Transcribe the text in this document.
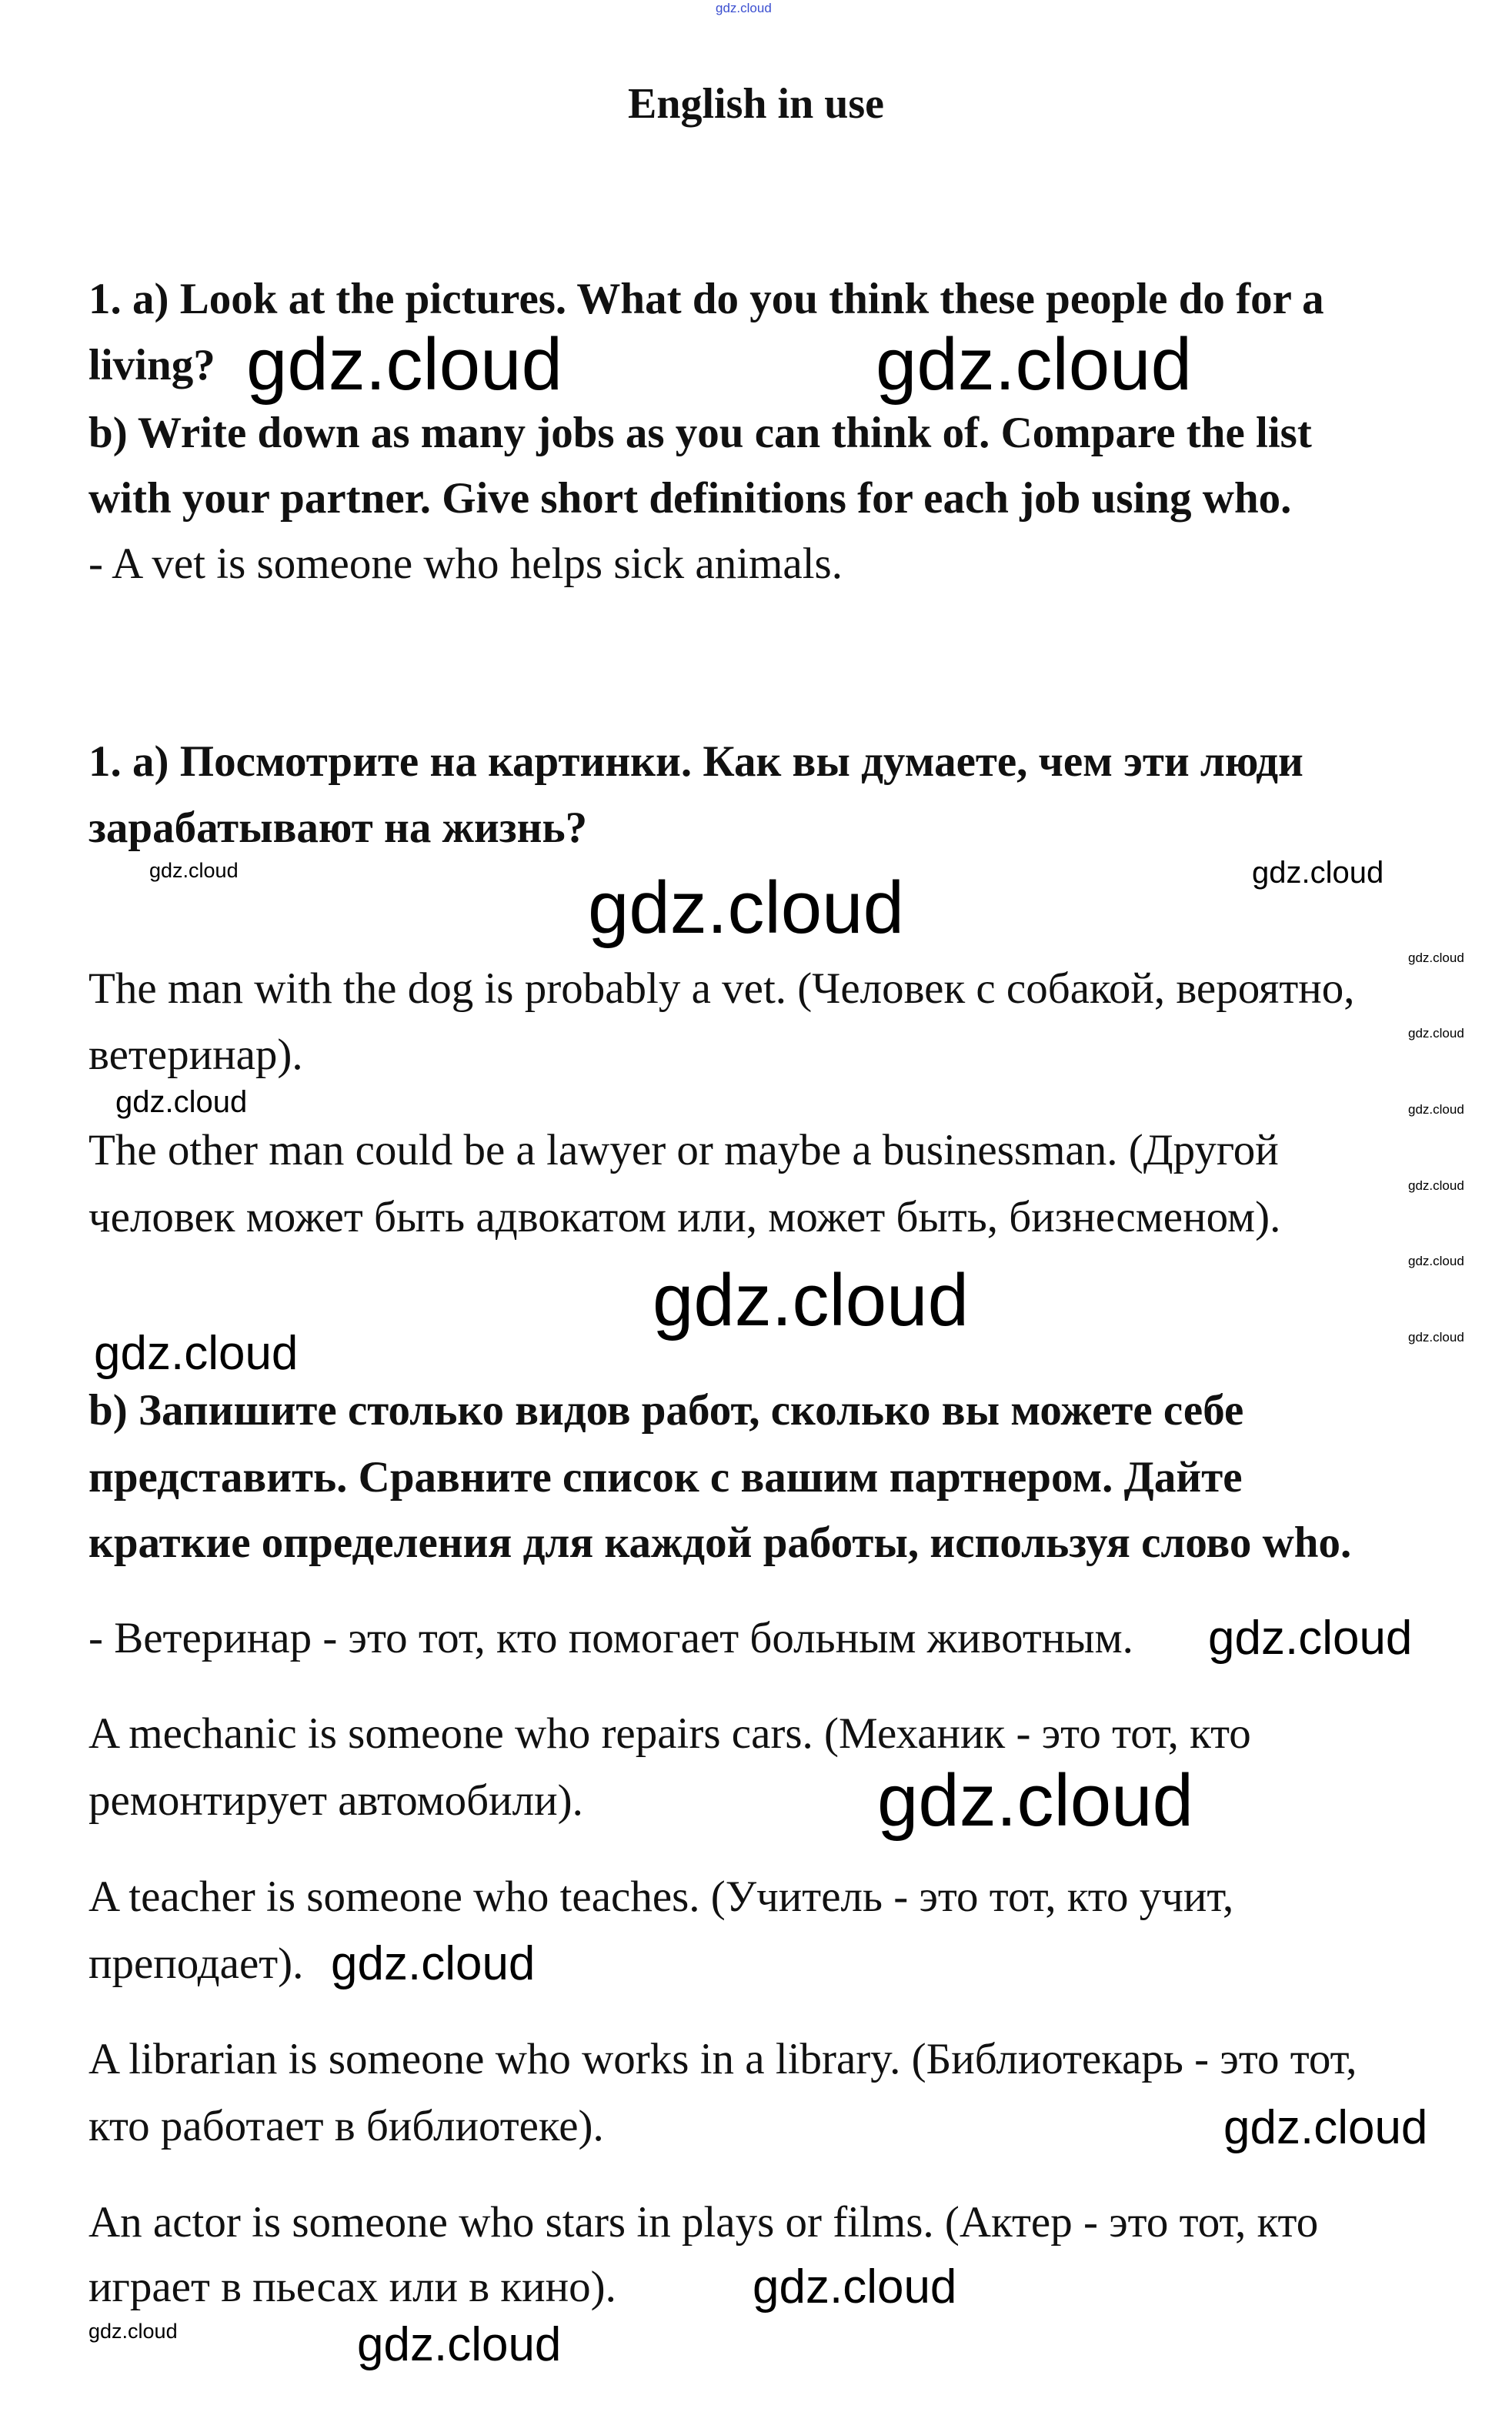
English in use
1. a) Look at the pictures. What do you think these people do for a
living?
b) Write down as many jobs as you can think of. Compare the list
with your partner. Give short definitions for each job using who.
- A vet is someone who helps sick animals.
1. a) Посмотрите на картинки. Как вы думаете, чем эти люди
зарабатывают на жизнь?
The man with the dog is probably a vet. (Человек с собакой, вероятно,
ветеринар).
The other man could be a lawyer or maybe a businessman. (Другой
человек может быть адвокатом или, может быть, бизнесменом).
b) Запишите столько видов работ, сколько вы можете себе
представить. Сравните список с вашим партнером. Дайте
краткие определения для каждой работы, используя слово who.
- Ветеринар - это тот, кто помогает больным животным.
A mechanic is someone who repairs cars. (Механик - это тот, кто
ремонтирует автомобили).
A teacher is someone who teaches. (Учитель - это тот, кто учит,
преподает).
A librarian is someone who works in a library. (Библиотекарь - это тот,
кто работает в библиотеке).
An actor is someone who stars in plays or films. (Актер - это тот, кто
играет в пьесах или в кино).
gdz.cloud
gdz.cloud	gdz.cloud
gdz.cloud
gdz.cloud
gdz.cloud
gdz.cloud
gdz.cloud
gdz.cloud
gdz.cloud
gdz.cloud
gdz.cloud
gdz.cloud
gdz.cloud	gdz.cloud
gdz.cloud
gdz.cloud
gdz.cloud
gdz.cloud
gdz.cloud
gdz.cloud
gdz.cloud
